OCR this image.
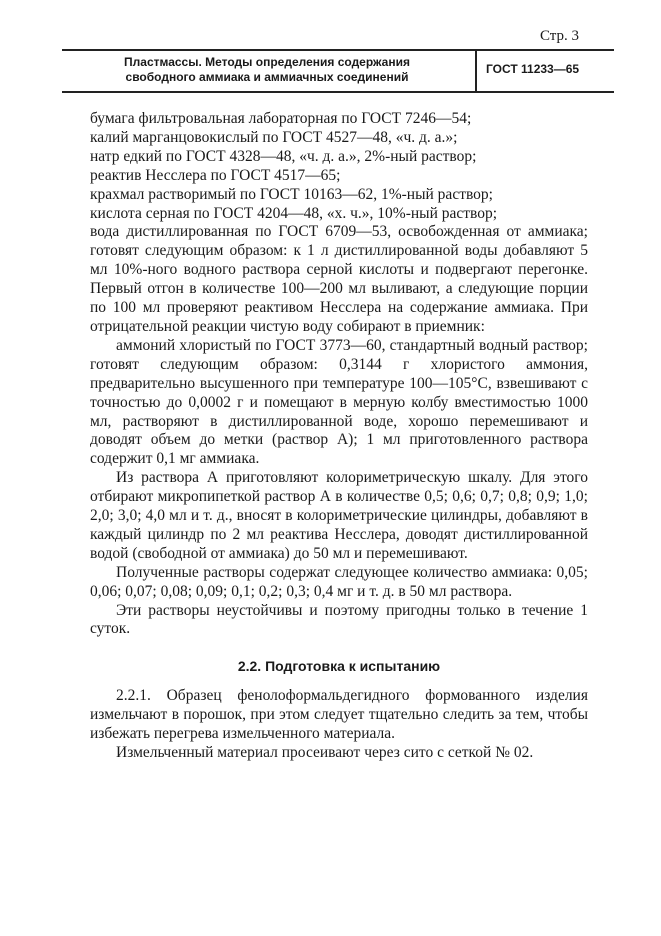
Стр. 3
Пластмассы. Методы определения содержания
свободного аммиака и аммиачных соединений
ГОСТ 11233—65

бумага фильтровальная лабораторная по ГОСТ 7246—54;

калий марганцовокислый по ГОСТ 4527—48, «ч. д. а.»;

натр едкий по ГОСТ 4328—48, «ч. д. а.», 2%-ный раствор;

реактив Несслера по ГОСТ 4517—65;

крахмал растворимый по ГОСТ 10163—62, 1%-ный раствор;

кислота серная по ГОСТ 4204—48, «х. ч.», 10%-ный раствор;

вода дистиллированная по ГОСТ 6709—53, освобожденная от аммиака; готовят следующим образом: к 1 л дистиллированной воды добавляют 5 мл 10%-ного водного раствора серной кислоты и подвергают перегонке. Первый отгон в количестве 100—200 мл выливают, а следующие порции по 100 мл проверяют реактивом Несслера на содержание аммиака. При отрицательной реакции чистую воду собирают в приемник:

аммоний хлористый по ГОСТ 3773—60, стандартный водный раствор; готовят следующим образом: 0,3144 г хлористого аммония, предварительно высушенного при температуре 100—105°С, взвешивают с точностью до 0,0002 г и помещают в мерную колбу вместимостью 1000 мл, растворяют в дистиллированной воде, хорошо перемешивают и доводят объем до метки (раствор А); 1 мл приготовленного раствора содержит 0,1 мг аммиака.

Из раствора А приготовляют колориметрическую шкалу. Для этого отбирают микропипеткой раствор А в количестве 0,5; 0,6; 0,7; 0,8; 0,9; 1,0; 2,0; 3,0; 4,0 мл и т. д., вносят в колориметрические цилиндры, добавляют в каждый цилиндр по 2 мл реактива Несслера, доводят дистиллированной водой (свободной от аммиака) до 50 мл и перемешивают.

Полученные растворы содержат следующее количество аммиака: 0,05; 0,06; 0,07; 0,08; 0,09; 0,1; 0,2; 0,3; 0,4 мг и т. д. в 50 мл раствора.

Эти растворы неустойчивы и поэтому пригодны только в течение 1 суток.

2.2. Подготовка к испытанию

2.2.1. Образец фенолоформальдегидного формованного изделия измельчают в порошок, при этом следует тщательно следить за тем, чтобы избежать перегрева измельченного материала.

Измельченный материал просеивают через сито с сеткой № 02.
